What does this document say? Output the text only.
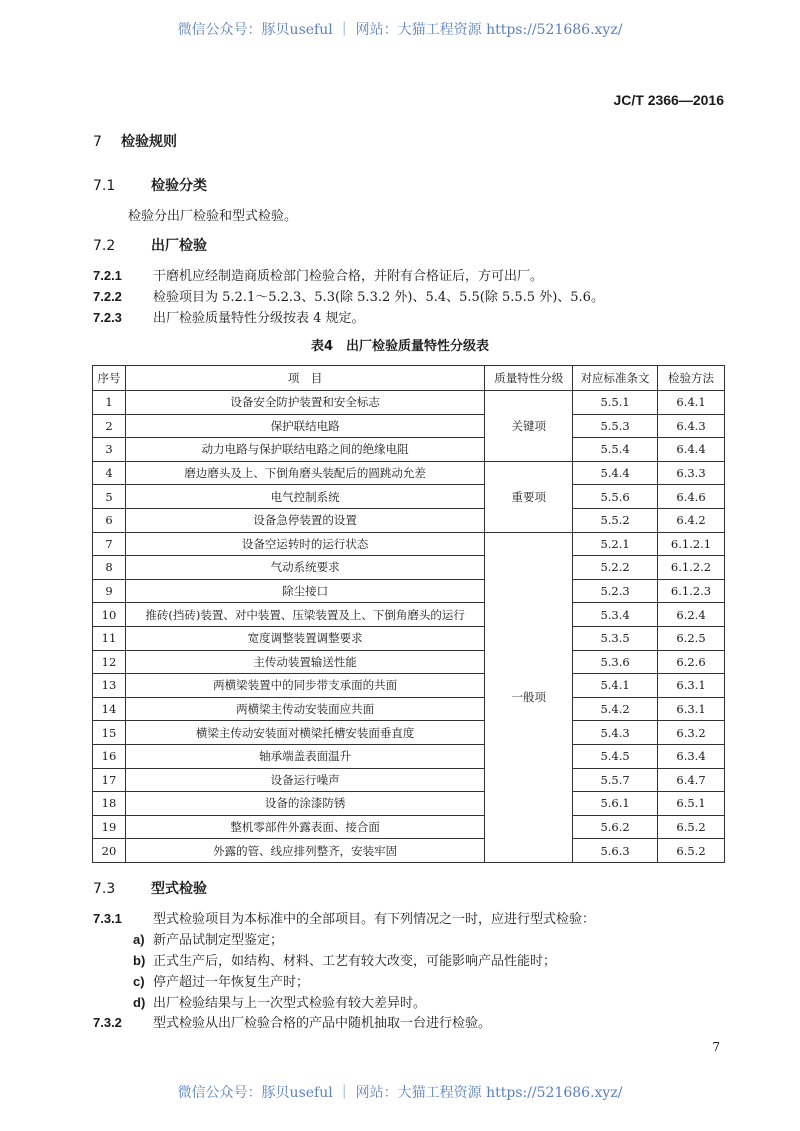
微信公众号：豚贝useful ｜ 网站：大猫工程资源 https://521686.xyz/
JC/T 2366—2016
7 检验规则
7.1	检验分类
检验分出厂检验和型式检验。
7.2	出厂检验
7.2.1 干磨机应经制造商质检部门检验合格，并附有合格证后，方可出厂。
7.2.2 检验项目为 5.2.1～5.2.3、5.3(除 5.3.2 外)、5.4、5.5(除 5.5.5 外)、5.6。
7.2.3 出厂检验质量特性分级按表 4 规定。
表4　出厂检验质量特性分级表
序号	项　目	质量特性分级	对应标准条文	检验方法
1	设备安全防护装置和安全标志	关键项	5.5.1	6.4.1
2	保护联结电路		5.5.3	6.4.3
3	动力电路与保护联结电路之间的绝缘电阻		5.5.4	6.4.4
4	磨边磨头及上、下倒角磨头装配后的圆跳动允差	重要项	5.4.4	6.3.3
5	电气控制系统		5.5.6	6.4.6
6	设备急停装置的设置		5.5.2	6.4.2
7	设备空运转时的运行状态	一般项	5.2.1	6.1.2.1
8	气动系统要求		5.2.2	6.1.2.2
9	除尘接口		5.2.3	6.1.2.3
10	推砖(挡砖)装置、对中装置、压梁装置及上、下倒角磨头的运行		5.3.4	6.2.4
11	宽度调整装置调整要求		5.3.5	6.2.5
12	主传动装置输送性能		5.3.6	6.2.6
13	两横梁装置中的同步带支承面的共面		5.4.1	6.3.1
14	两横梁主传动安装面应共面		5.4.2	6.3.1
15	横梁主传动安装面对横梁托槽安装面垂直度		5.4.3	6.3.2
16	轴承端盖表面温升		5.4.5	6.3.4
17	设备运行噪声		5.5.7	6.4.7
18	设备的涂漆防锈		5.6.1	6.5.1
19	整机零部件外露表面、接合面		5.6.2	6.5.2
20	外露的管、线应排列整齐，安装牢固		5.6.3	6.5.2
7.3	型式检验
7.3.1 型式检验项目为本标准中的全部项目。有下列情况之一时，应进行型式检验：
a) 新产品试制定型鉴定；
b) 正式生产后，如结构、材料、工艺有较大改变，可能影响产品性能时；
c) 停产超过一年恢复生产时；
d) 出厂检验结果与上一次型式检验有较大差异时。
7.3.2 型式检验从出厂检验合格的产品中随机抽取一台进行检验。
7
微信公众号：豚贝useful ｜ 网站：大猫工程资源 https://521686.xyz/
